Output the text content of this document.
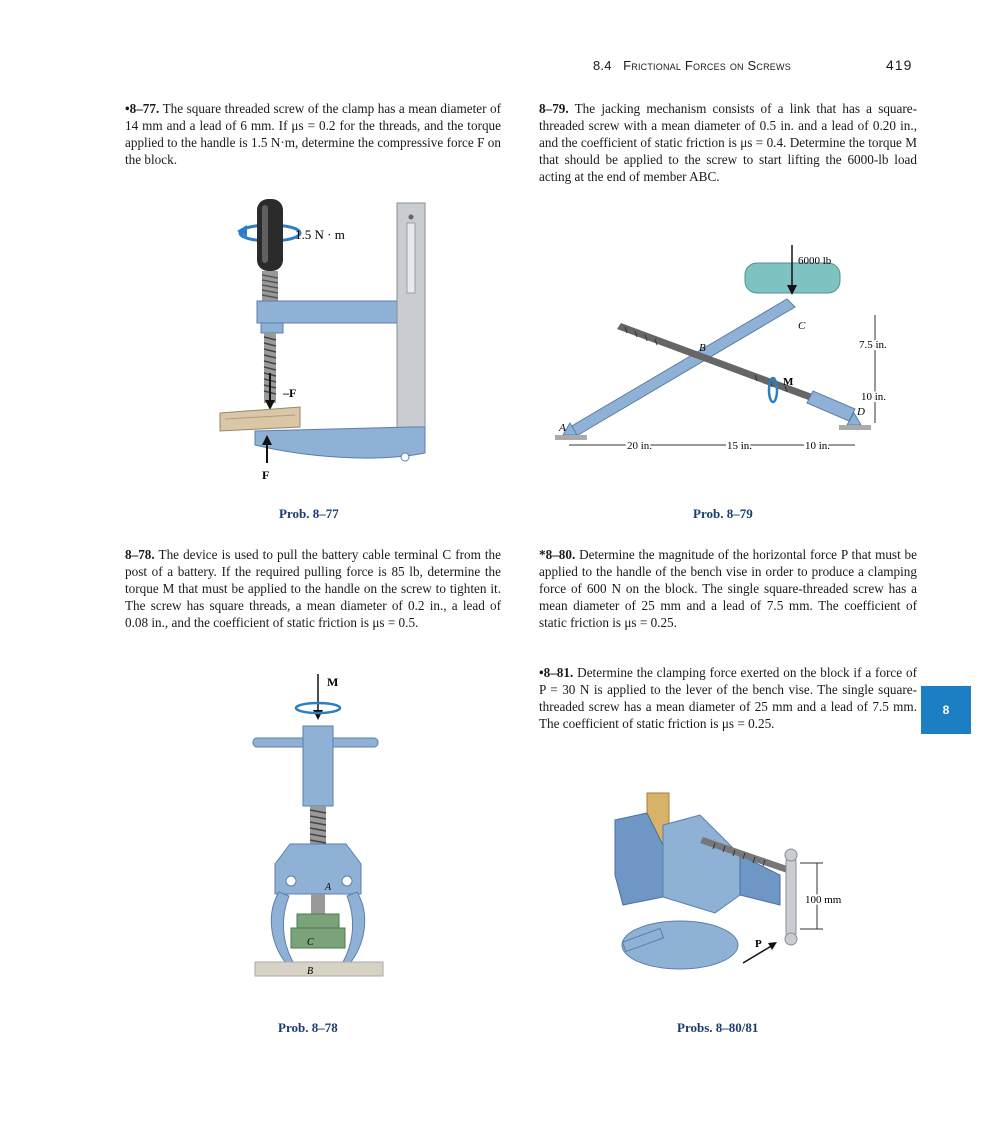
8.4 Frictional Forces on Screws	419
•8–77. The square threaded screw of the clamp has a mean diameter of 14 mm and a lead of 6 mm. If μs = 0.2 for the threads, and the torque applied to the handle is 1.5 N·m, determine the compressive force F on the block.
8–79. The jacking mechanism consists of a link that has a square-threaded screw with a mean diameter of 0.5 in. and a lead of 0.20 in., and the coefficient of static friction is μs = 0.4. Determine the torque M that should be applied to the screw to start lifting the 6000-lb load acting at the end of member ABC.
–F
F
1.5 N · m
Prob. 8–77
6000 lb
M
A
B
C
D
20 in.	15 in.	10 in.
7.5 in.
10 in.
Prob. 8–79
8–78. The device is used to pull the battery cable terminal C from the post of a battery. If the required pulling force is 85 lb, determine the torque M that must be applied to the handle on the screw to tighten it. The screw has square threads, a mean diameter of 0.2 in., a lead of 0.08 in., and the coefficient of static friction is μs = 0.5.
*8–80. Determine the magnitude of the horizontal force P that must be applied to the handle of the bench vise in order to produce a clamping force of 600 N on the block. The single square-threaded screw has a mean diameter of 25 mm and a lead of 7.5 mm. The coefficient of static friction is μs = 0.25.
•8–81. Determine the clamping force exerted on the block if a force of P = 30 N is applied to the lever of the bench vise. The single square-threaded screw has a mean diameter of 25 mm and a lead of 7.5 mm. The coefficient of static friction is μs = 0.25.
8
M
A
C
B
Prob. 8–78
100 mm
P
Probs. 8–80/81
